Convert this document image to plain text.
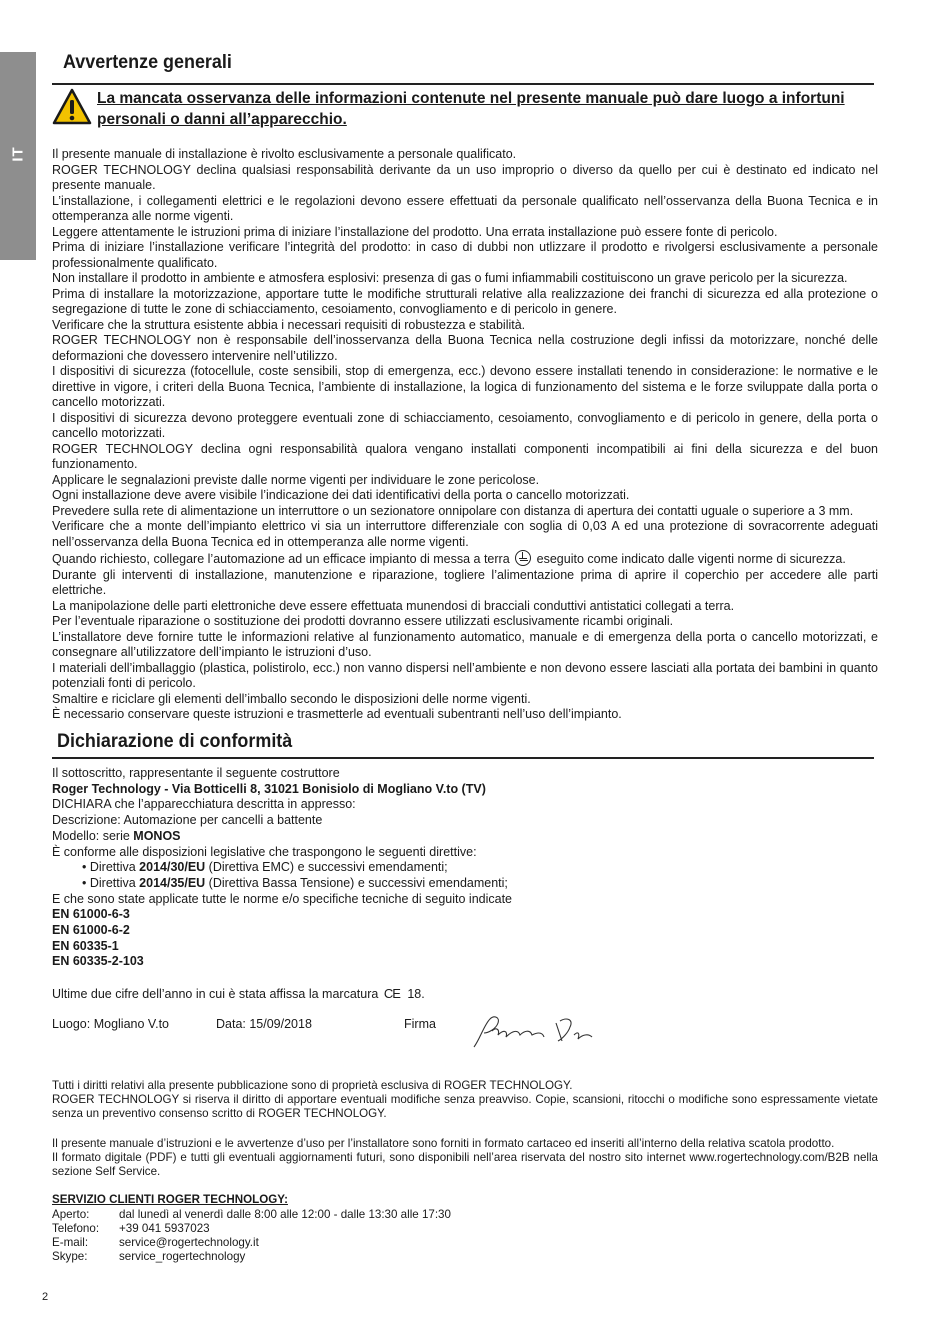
IT
Avvertenze generali
La mancata osservanza delle informazioni contenute nel presente manuale può dare luogo a infortuni personali o danni all’apparecchio.

Il presente manuale di installazione è rivolto esclusivamente a personale qualificato.

ROGER TECHNOLOGY declina qualsiasi responsabilità derivante da un uso improprio o diverso da quello per cui è destinato ed indicato nel presente manuale.

L’installazione, i collegamenti elettrici e le regolazioni devono essere effettuati da personale qualificato nell’osservanza della Buona Tecnica e in ottemperanza alle norme vigenti.

Leggere attentamente le istruzioni prima di iniziare l’installazione del prodotto. Una errata installazione può essere fonte di pericolo.

Prima di iniziare l’installazione verificare l’integrità del prodotto: in caso di dubbi non utlizzare il prodotto e rivolgersi esclusivamente a personale professionalmente qualificato.

Non installare il prodotto in ambiente e atmosfera esplosivi: presenza di gas o fumi infiammabili costituiscono un grave pericolo per la sicurezza.

Prima di installare la motorizzazione, apportare tutte le modifiche strutturali relative alla realizzazione dei franchi di sicurezza ed alla protezione o segregazione di tutte le zone di schiacciamento, cesoiamento, convogliamento e di pericolo in genere.

Verificare che la struttura esistente abbia i necessari requisiti di robustezza e stabilità.

ROGER TECHNOLOGY non è responsabile dell’inosservanza della Buona Tecnica nella costruzione degli infissi da motorizzare, nonché delle deformazioni che dovessero intervenire nell’utilizzo.

I dispositivi di sicurezza (fotocellule, coste sensibili, stop di emergenza, ecc.) devono essere installati tenendo in considerazione: le normative e le direttive in vigore, i criteri della Buona Tecnica, l’ambiente di installazione, la logica di funzionamento del sistema e le forze sviluppate dalla porta o cancello motorizzati.

I dispositivi di sicurezza devono proteggere eventuali zone di schiacciamento, cesoiamento, convogliamento e di pericolo in genere, della porta o cancello motorizzati.

ROGER TECHNOLOGY declina ogni responsabilità qualora vengano installati componenti incompatibili ai fini della sicurezza e del buon funzionamento.

Applicare le segnalazioni previste dalle norme vigenti per individuare le zone pericolose.

Ogni installazione deve avere visibile l’indicazione dei dati identificativi della porta o cancello motorizzati.

Prevedere sulla rete di alimentazione un interruttore o un sezionatore onnipolare con distanza di apertura dei contatti uguale o superiore a 3 mm.

Verificare che a monte dell’impianto elettrico vi sia un interruttore differenziale con soglia di 0,03 A ed una protezione di sovracorrente adeguati nell’osservanza della Buona Tecnica ed in ottemperanza alle norme vigenti.

Quando richiesto, collegare l’automazione ad un efficace impianto di messa a terra eseguito come indicato dalle vigenti norme di sicurezza.

Durante gli interventi di installazione, manutenzione e riparazione, togliere l’alimentazione prima di aprire il coperchio per accedere alle parti elettriche.

La manipolazione delle parti elettroniche deve essere effettuata munendosi di bracciali conduttivi antistatici collegati a terra.

Per l’eventuale riparazione o sostituzione dei prodotti dovranno essere utilizzati esclusivamente ricambi originali.

L’installatore deve fornire tutte le informazioni relative al funzionamento automatico, manuale e di emergenza della porta o cancello motorizzati, e consegnare all’utilizzatore dell’impianto le istruzioni d’uso.

I materiali dell’imballaggio (plastica, polistirolo, ecc.) non vanno dispersi nell’ambiente e non devono essere lasciati alla portata dei bambini in quanto potenziali fonti di pericolo.

Smaltire e riciclare gli elementi dell’imballo secondo le disposizioni delle norme vigenti.

È necessario conservare queste istruzioni e trasmetterle ad eventuali subentranti nell’uso dell’impianto.

Dichiarazione di conformità
Il sottoscritto, rappresentante il seguente costruttore
Roger Technology - Via Botticelli 8, 31021 Bonisiolo di Mogliano V.to (TV)
DICHIARA che l’apparecchiatura descritta in appresso:
Descrizione: Automazione per cancelli a battente
Modello: serie MONOS
È conforme alle disposizioni legislative che traspongono le seguenti direttive:
• Direttiva 2014/30/EU (Direttiva EMC) e successivi emendamenti;
• Direttiva 2014/35/EU (Direttiva Bassa Tensione) e successivi emendamenti;
E che sono state applicate tutte le norme e/o specifiche tecniche di seguito indicate
EN 61000-6-3
EN 61000-6-2
EN 60335-1
EN 60335-2-103
Ultime due cifre dell’anno in cui è stata affissa la marcatura CE 18.
Luogo: Mogliano V.to	Data: 15/09/2018	Firma
Tutti i diritti relativi alla presente pubblicazione sono di proprietà esclusiva di ROGER TECHNOLOGY.
ROGER TECHNOLOGY si riserva il diritto di apportare eventuali modifiche senza preavviso. Copie, scansioni, ritocchi o modifiche sono espressamente vietate senza un preventivo consenso scritto di ROGER TECHNOLOGY.
Il presente manuale d’istruzioni e le avvertenze d’uso per l’installatore sono forniti in formato cartaceo ed inseriti all’interno della relativa scatola prodotto.
Il formato digitale (PDF) e tutti gli eventuali aggiornamenti futuri, sono disponibili nell’area riservata del nostro sito internet www.rogertechnology.com/B2B nella sezione Self Service.
SERVIZIO CLIENTI ROGER TECHNOLOGY:
Aperto:	dal lunedì al venerdì dalle 8:00 alle 12:00 - dalle 13:30 alle 17:30
Telefono: +39 041 5937023
E-mail:	service@rogertechnology.it
Skype:	service_rogertechnology
2
